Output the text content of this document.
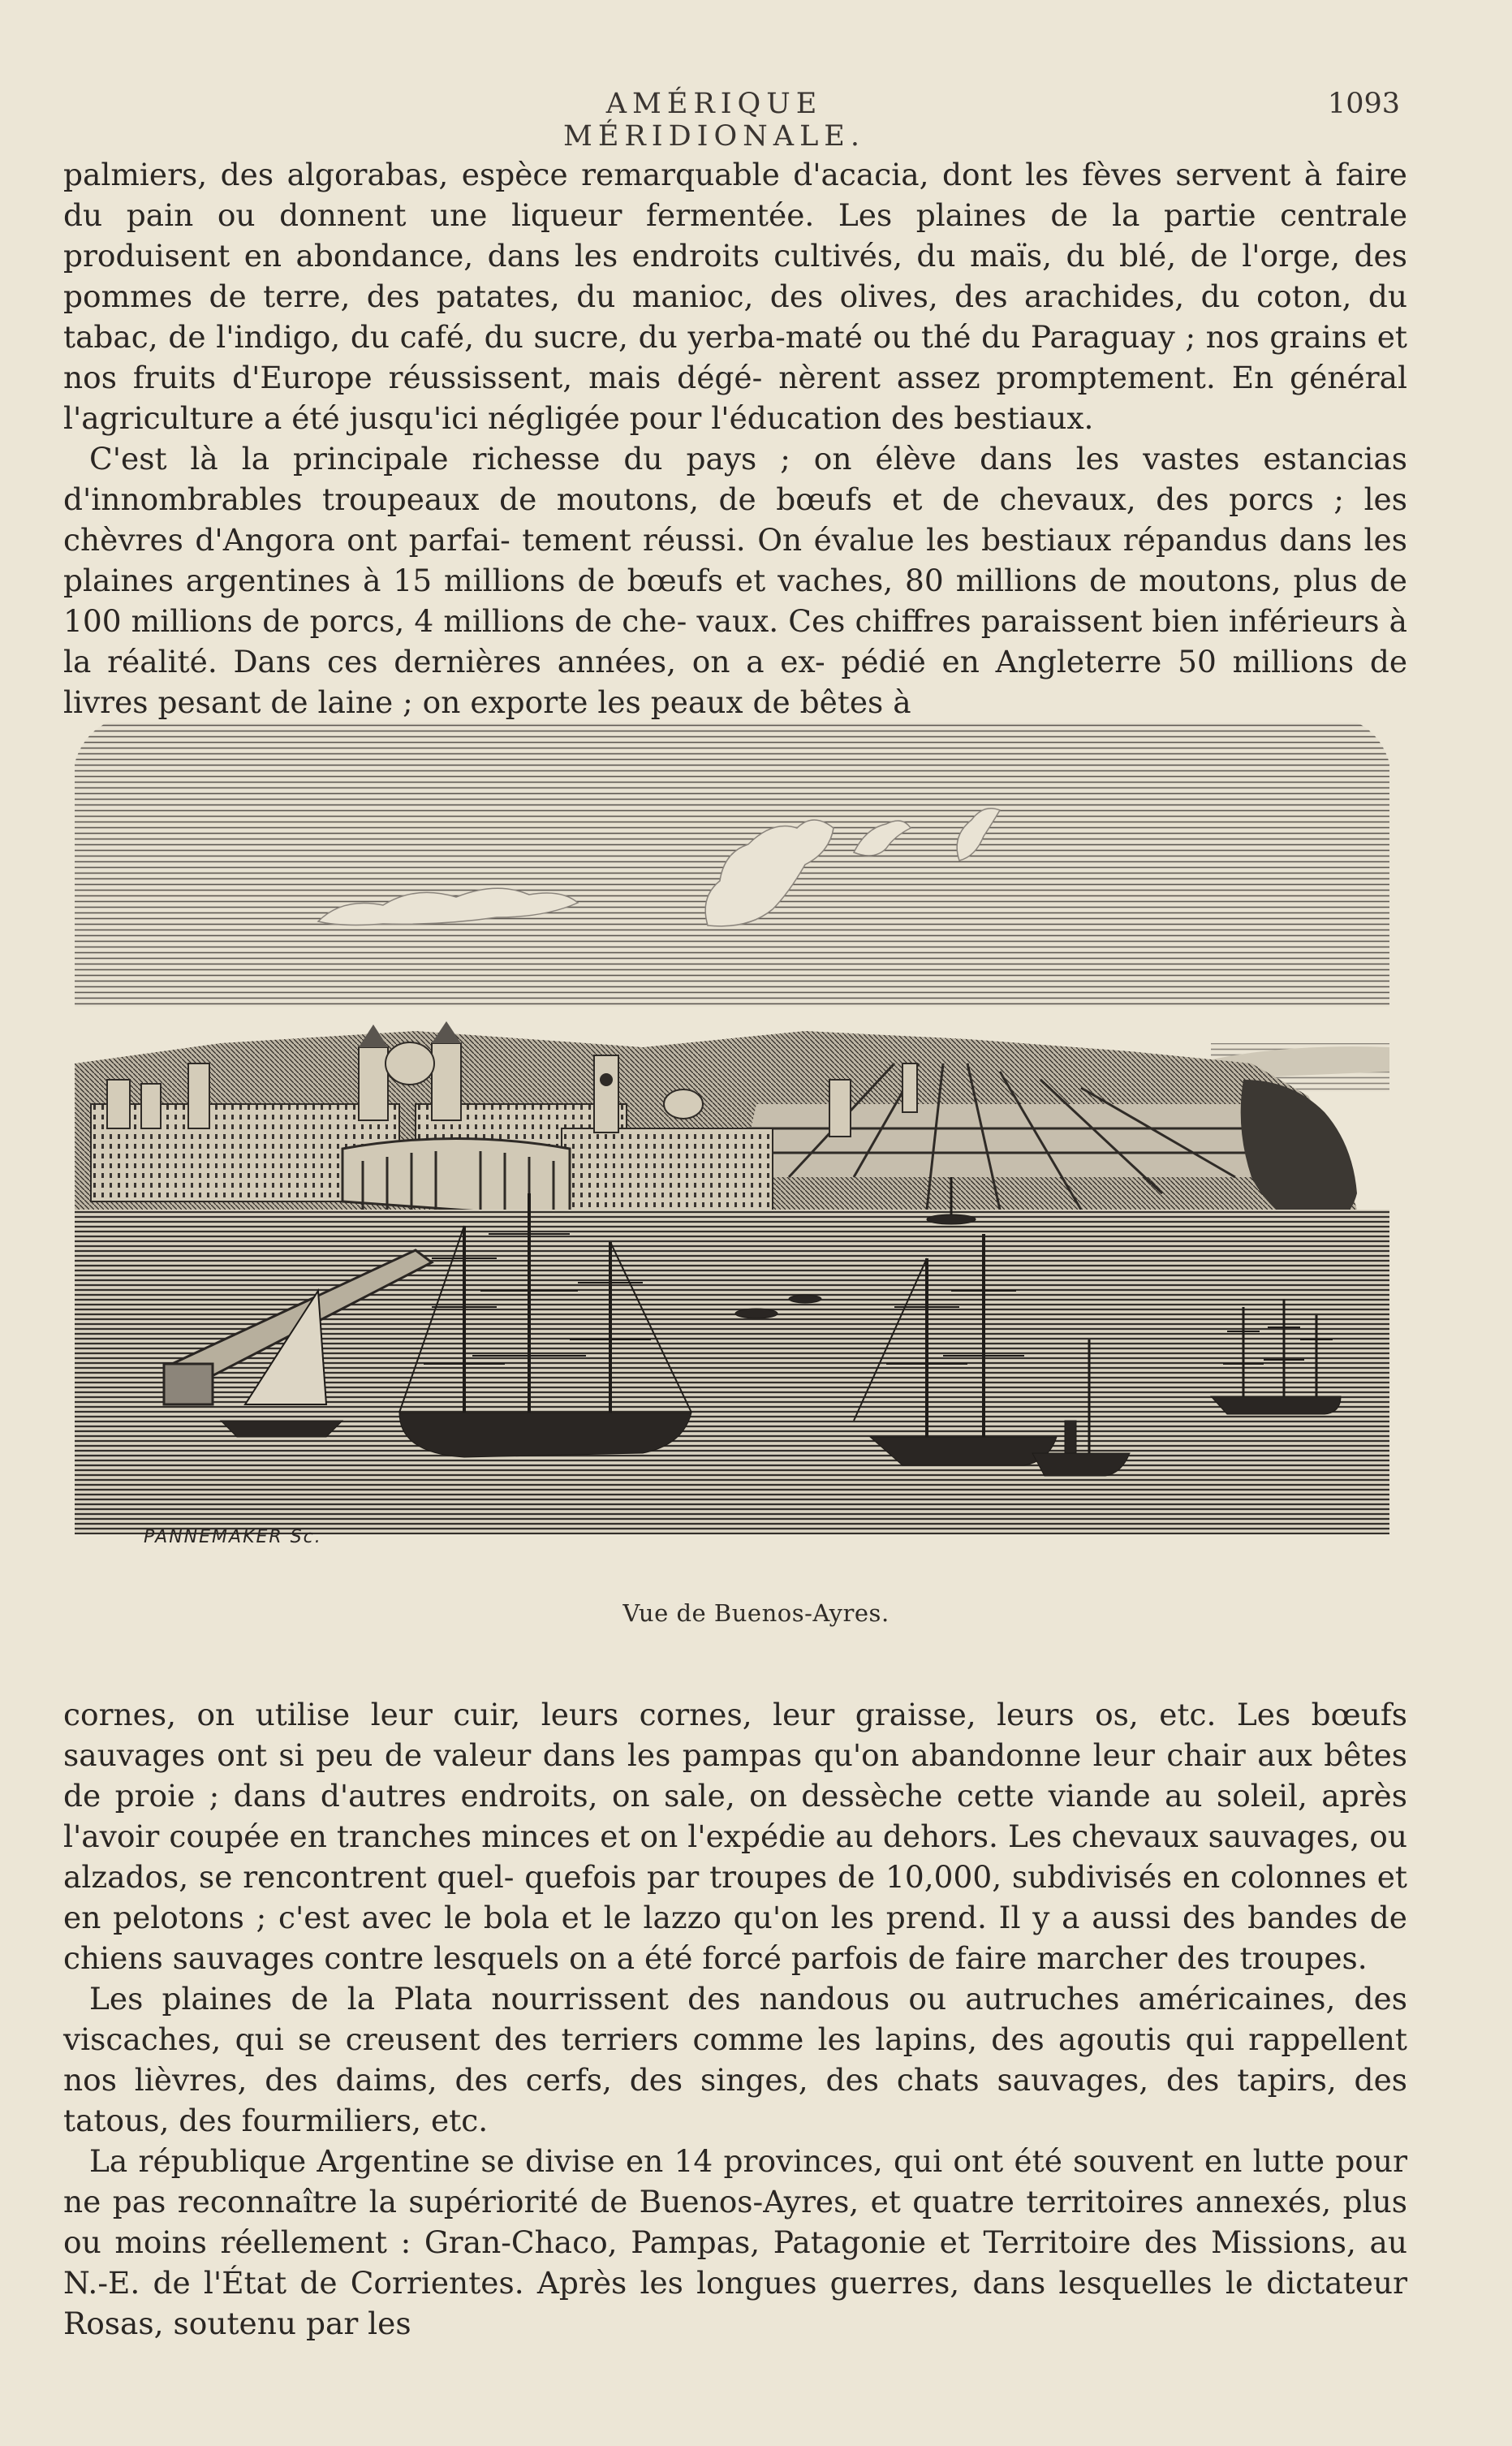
AMÉRIQUE MÉRIDIONALE.
1093

palmiers, des algorabas, espèce remarquable d'acacia, dont les fèves servent à faire du pain ou donnent une liqueur fermentée. Les plaines de la partie centrale produisent en abondance, dans les endroits cultivés, du maïs, du blé, de l'orge, des pommes de terre, des patates, du manioc, des olives, des arachides, du coton, du tabac, de l'indigo, du café, du sucre, du yerba-maté ou thé du Paraguay ; nos grains et nos fruits d'Europe réussissent, mais dégé- nèrent assez promptement. En général l'agriculture a été jusqu'ici négligée pour l'éducation des bestiaux.

C'est là la principale richesse du pays ; on élève dans les vastes estancias d'innombrables troupeaux de moutons, de bœufs et de chevaux, des porcs ; les chèvres d'Angora ont parfai- tement réussi. On évalue les bestiaux répandus dans les plaines argentines à 15 millions de bœufs et vaches, 80 millions de moutons, plus de 100 millions de porcs, 4 millions de che- vaux. Ces chiffres paraissent bien inférieurs à la réalité. Dans ces dernières années, on a ex- pédié en Angleterre 50 millions de livres pesant de laine ; on exporte les peaux de bêtes à

PANNEMAKER Sc.
Vue de Buenos-Ayres.

cornes, on utilise leur cuir, leurs cornes, leur graisse, leurs os, etc. Les bœufs sauvages ont si peu de valeur dans les pampas qu'on abandonne leur chair aux bêtes de proie ; dans d'autres endroits, on sale, on dessèche cette viande au soleil, après l'avoir coupée en tranches minces et on l'expédie au dehors. Les chevaux sauvages, ou alzados, se rencontrent quel- quefois par troupes de 10,000, subdivisés en colonnes et en pelotons ; c'est avec le bola et le lazzo qu'on les prend. Il y a aussi des bandes de chiens sauvages contre lesquels on a été forcé parfois de faire marcher des troupes.

Les plaines de la Plata nourrissent des nandous ou autruches américaines, des viscaches, qui se creusent des terriers comme les lapins, des agoutis qui rappellent nos lièvres, des daims, des cerfs, des singes, des chats sauvages, des tapirs, des tatous, des fourmiliers, etc.

La république Argentine se divise en 14 provinces, qui ont été souvent en lutte pour ne pas reconnaître la supériorité de Buenos-Ayres, et quatre territoires annexés, plus ou moins réellement : Gran-Chaco, Pampas, Patagonie et Territoire des Missions, au N.-E. de l'État de Corrientes. Après les longues guerres, dans lesquelles le dictateur Rosas, soutenu par les
